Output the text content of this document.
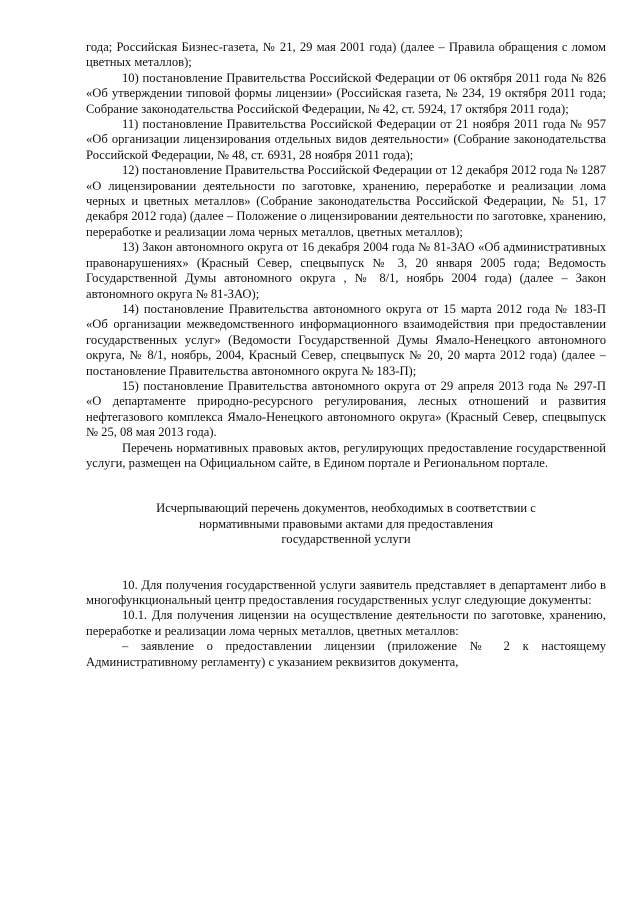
года; Российская Бизнес-газета, № 21, 29 мая 2001 года) (далее – Правила обращения с ломом цветных металлов);

10) постановление Правительства Российской Федерации от 06 октября 2011 года № 826 «Об утверждении типовой формы лицензии» (Российская газета, № 234, 19 октября 2011 года; Собрание законодательства Российской Федерации, № 42, ст. 5924, 17 октября 2011 года);

11) постановление Правительства Российской Федерации от 21 ноября 2011 года № 957 «Об организации лицензирования отдельных видов деятельности» (Собрание законодательства Российской Федерации, № 48, ст. 6931, 28 ноября 2011 года);

12) постановление Правительства Российской Федерации от 12 декабря 2012 года № 1287 «О лицензировании деятельности по заготовке, хранению, переработке и реализации лома черных и цветных металлов» (Собрание законодательства Российской Федерации, № 51, 17 декабря 2012 года) (далее – Положение о лицензировании деятельности по заготовке, хранению, переработке и реализации лома черных металлов, цветных металлов);

13) Закон автономного округа от 16 декабря 2004 года № 81-ЗАО «Об административных правонарушениях» (Красный Север, спецвыпуск № 3, 20 января 2005 года; Ведомость Государственной Думы автономного округа , № 8/1, ноябрь 2004 года) (далее – Закон автономного округа № 81-ЗАО);

14) постановление Правительства автономного округа от 15 марта 2012 года № 183-П «Об организации межведомственного информационного взаимодействия при предоставлении государственных услуг» (Ведомости Государственной Думы Ямало-Ненецкого автономного округа, № 8/1, ноябрь, 2004, Красный Север, спецвыпуск № 20, 20 марта 2012 года) (далее – постановление Правительства автономного округа № 183-П);

15) постановление Правительства автономного округа от 29 апреля 2013 года № 297-П «О департаменте природно-ресурсного регулирования, лесных отношений и развития нефтегазового комплекса Ямало-Ненецкого автономного округа» (Красный Север, спецвыпуск № 25, 08 мая 2013 года).

Перечень нормативных правовых актов, регулирующих предоставление государственной услуги, размещен на Официальном сайте, в Едином портале и Региональном портале.

Исчерпывающий перечень документов, необходимых в соответствии с
нормативными правовыми актами для предоставления
государственной услуги

10. Для получения государственной услуги заявитель представляет в департамент либо в многофункциональный центр предоставления государственных услуг следующие документы:

10.1. Для получения лицензии на осуществление деятельности по заготовке, хранению, переработке и реализации лома черных металлов, цветных металлов:

– заявление о предоставлении лицензии (приложение № 2 к настоящему Административному регламенту) с указанием реквизитов документа,
